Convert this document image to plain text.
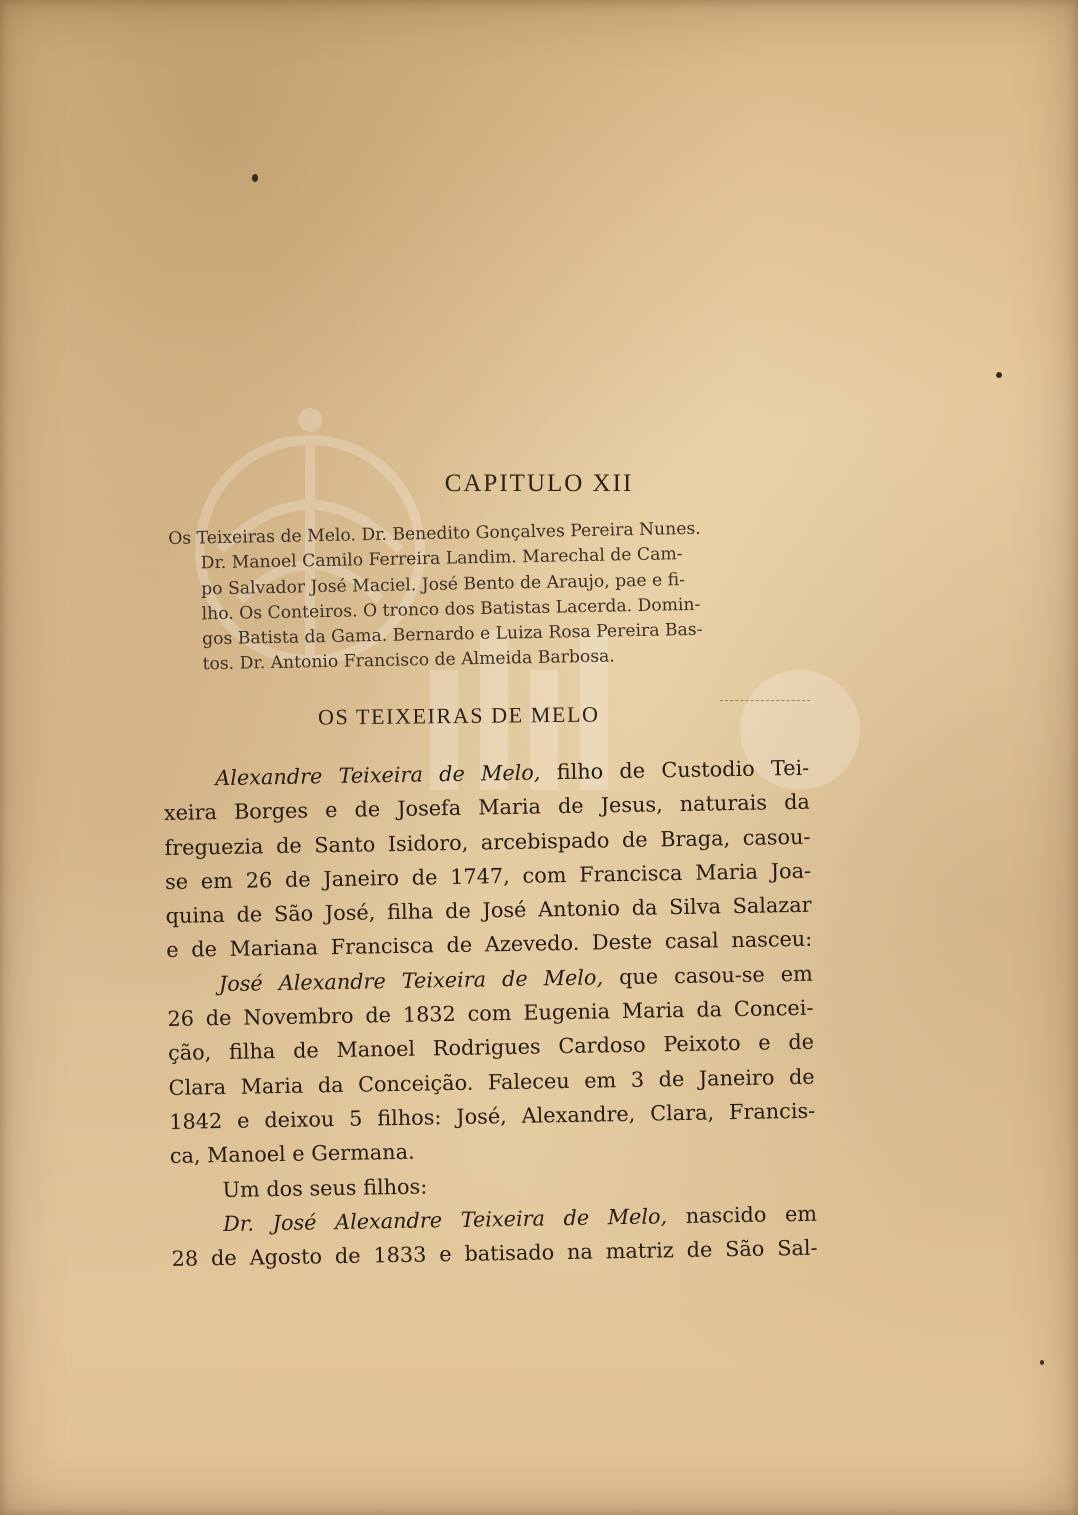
CAPITULO XII
Os Teixeiras de Melo. Dr. Benedito Gonçalves Pereira Nunes.
Dr. Manoel Camilo Ferreira Landim. Marechal de Cam-
po Salvador José Maciel. José Bento de Araujo, pae e fi-
lho. Os Conteiros. O tronco dos Batistas Lacerda. Domin-
gos Batista da Gama. Bernardo e Luiza Rosa Pereira Bas-
tos. Dr. Antonio Francisco de Almeida Barbosa.
OS TEIXEIRAS DE MELO
Alexandre Teixeira de Melo, filho de Custodio Tei-
xeira Borges e de Josefa Maria de Jesus, naturais da
freguezia de Santo Isidoro, arcebispado de Braga, casou-
se em 26 de Janeiro de 1747, com Francisca Maria Joa-
quina de São José, filha de José Antonio da Silva Salazar
e de Mariana Francisca de Azevedo. Deste casal nasceu:
José Alexandre Teixeira de Melo, que casou-se em
26 de Novembro de 1832 com Eugenia Maria da Concei-
ção, filha de Manoel Rodrigues Cardoso Peixoto e de
Clara Maria da Conceição. Faleceu em 3 de Janeiro de
1842 e deixou 5 filhos: José, Alexandre, Clara, Francis-
ca, Manoel e Germana.
Um dos seus filhos:
Dr. José Alexandre Teixeira de Melo, nascido em
28 de Agosto de 1833 e batisado na matriz de São Sal-
